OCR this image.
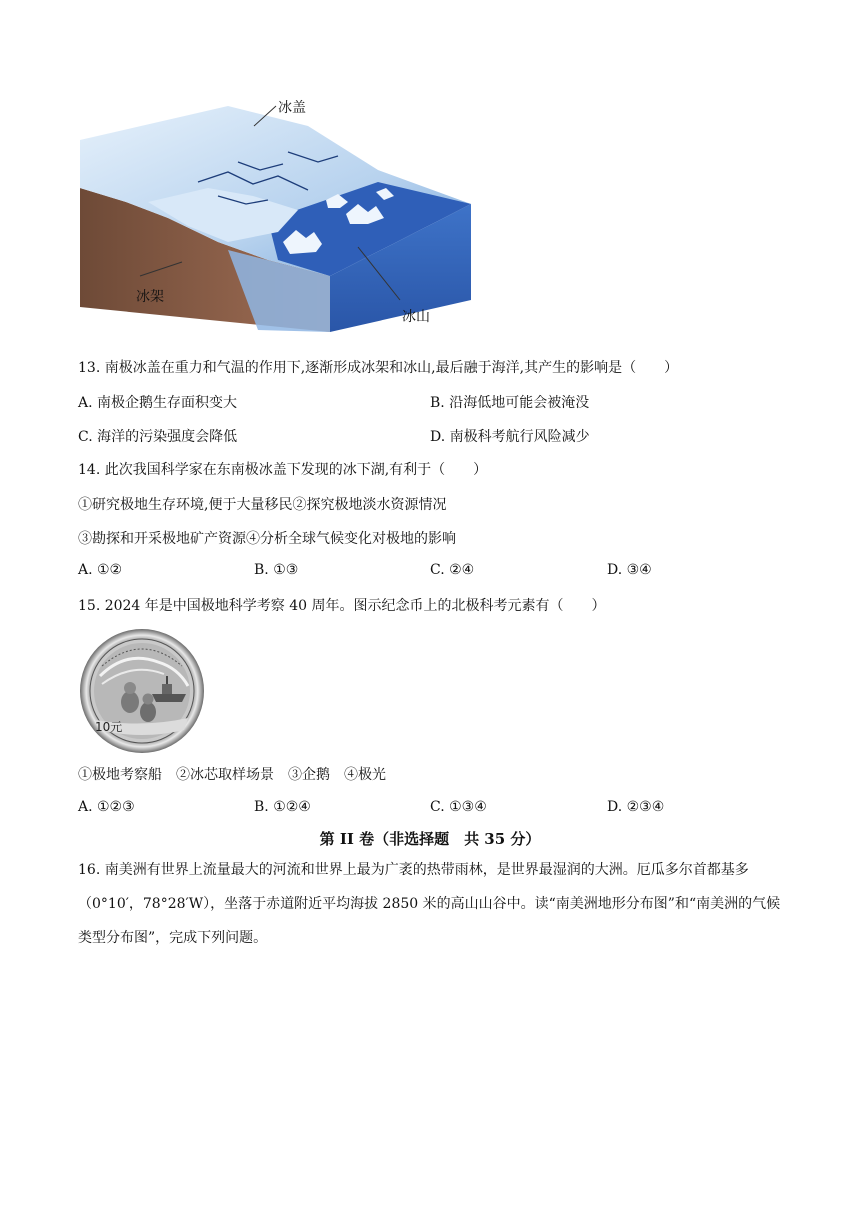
冰盖
冰架
冰山
13. 南极冰盖在重力和气温的作用下,逐渐形成冰架和冰山,最后融于海洋,其产生的影响是（　　）
A. 南极企鹅生存面积变大	B. 沿海低地可能会被淹没
C. 海洋的污染强度会降低	D. 南极科考航行风险减少
14. 此次我国科学家在东南极冰盖下发现的冰下湖,有利于（　　）
①研究极地生存环境,便于大量移民②探究极地淡水资源情况
③勘探和开采极地矿产资源④分析全球气候变化对极地的影响
A. ①②	B. ①③	C. ②④	D. ③④
15. 2024 年是中国极地科学考察 40 周年。图示纪念币上的北极科考元素有（　　）
10元
①极地考察船　②冰芯取样场景　③企鹅　④极光
A. ①②③	B. ①②④	C. ①③④	D. ②③④
第 II 卷（非选择题　共 35 分）
16. 南美洲有世界上流量最大的河流和世界上最为广袤的热带雨林，是世界最湿润的大洲。厄瓜多尔首都基多（0°10′，78°28′W），坐落于赤道附近平均海拔 2850 米的高山山谷中。读“南美洲地形分布图”和“南美洲的气候类型分布图”，完成下列问题。
